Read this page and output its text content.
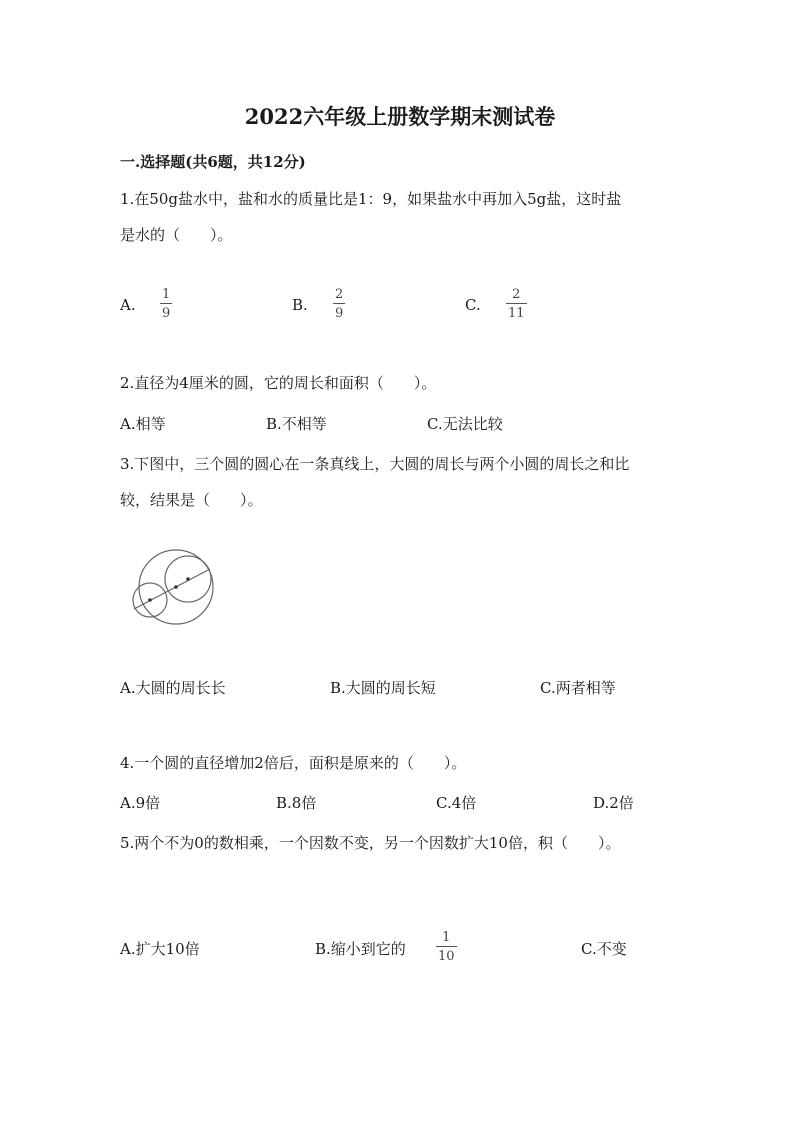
2022六年级上册数学期末测试卷
一.选择题(共6题，共12分)
1.在50g盐水中，盐和水的质量比是1：9，如果盐水中再加入5g盐，这时盐
是水的（　　）。
A.
1
9	B.
2
9	C.
2
11
2.直径为4厘米的圆，它的周长和面积（　　）。
A.相等	B.不相等	C.无法比较
3.下图中，三个圆的圆心在一条真线上，大圆的周长与两个小圆的周长之和比
较，结果是（　　）。
A.大圆的周长长	B.大圆的周长短	C.两者相等
4.一个圆的直径增加2倍后，面积是原来的（　　）。
A.9倍	B.8倍	C.4倍	D.2倍
5.两个不为0的数相乘，一个因数不变，另一个因数扩大10倍，积（　　）。
A.扩大10倍	B.缩小到它的
1
10	C.不变
